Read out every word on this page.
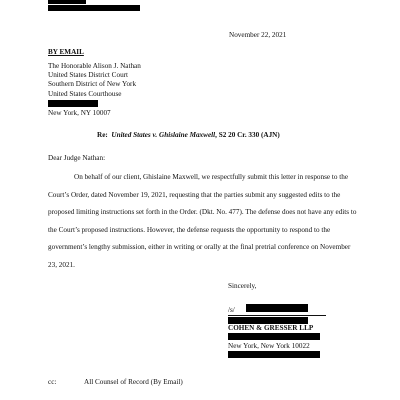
November 22, 2021
BY EMAIL
The Honorable Alison J. Nathan
United States District Court
Southern District of New York
United States Courthouse
New York, NY 10007
Re: United States v. Ghislaine Maxwell, S2 20 Cr. 330 (AJN)
Dear Judge Nathan:
On behalf of our client, Ghislaine Maxwell, we respectfully submit this letter in response to the Court’s Order, dated November 19, 2021, requesting that the parties submit any suggested edits to the proposed limiting instructions set forth in the Order. (Dkt. No. 477). The defense does not have any edits to the Court’s proposed instructions. However, the defense requests the opportunity to respond to the government’s lengthy submission, either in writing or orally at the final pretrial conference on November 23, 2021.
Sincerely,
/s/
COHEN & GRESSER LLP
New York, New York 10022
cc:	All Counsel of Record (By Email)
